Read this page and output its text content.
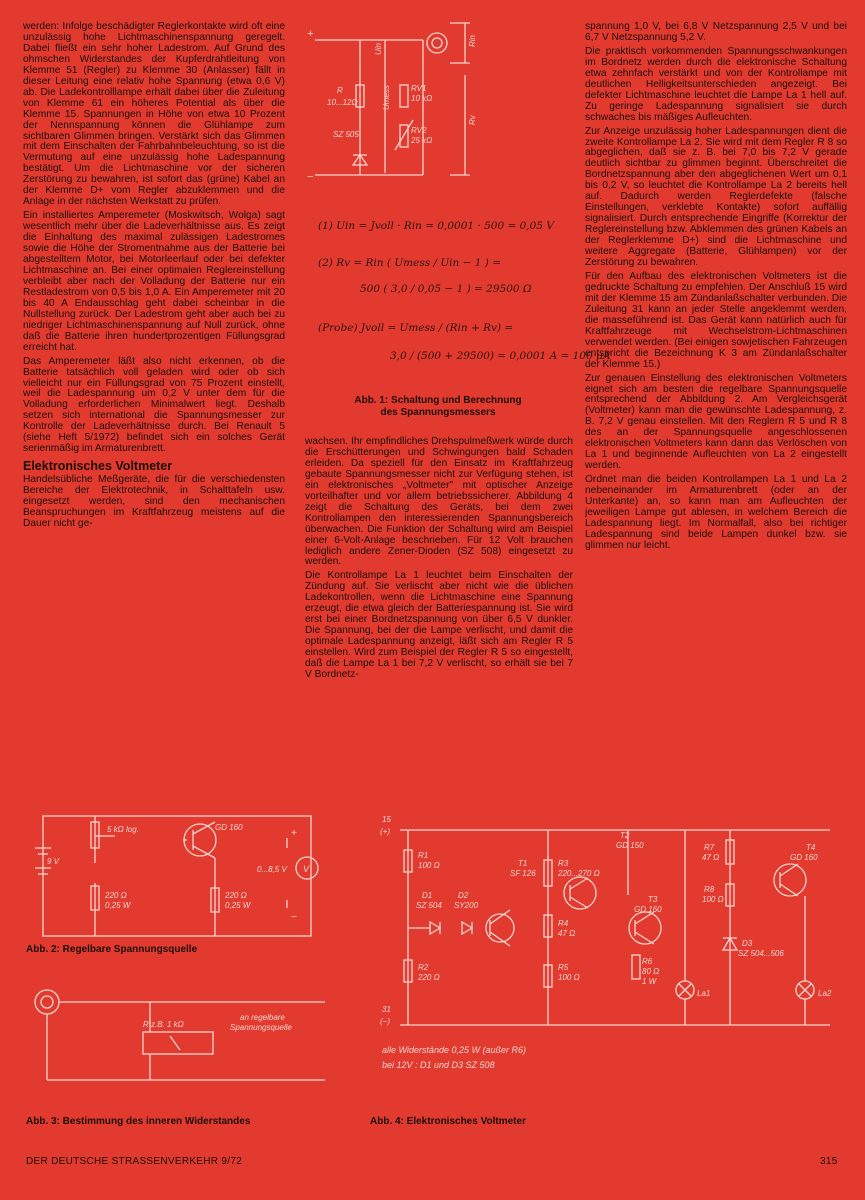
werden: Infolge beschädigter Reglerkontakte wird oft eine unzulässig hohe Lichtmaschinenspannung geregelt. Dabei fließt ein sehr hoher Ladestrom. Auf Grund des ohmschen Widerstandes der Kupferdrahtleitung von Klemme 51 (Regler) zu Klemme 30 (Anlasser) fällt in dieser Leitung eine relativ hohe Spannung (etwa 0,6 V) ab. Die Ladekontrolllampe erhält dabei über die Zuleitung von Klemme 61 ein höheres Potential als über die Klemme 15. Spannungen in Höhe von etwa 10 Prozent der Nennspannung können die Glühlampe zum sichtbaren Glimmen bringen. Verstärkt sich das Glimmen mit dem Einschalten der Fahrbahnbeleuchtung, so ist die Vermutung auf eine unzulässig hohe Ladespannung bestätigt. Um die Lichtmaschine vor der sicheren Zerstörung zu bewahren, ist sofort das (grüne) Kabel an der Klemme D+ vom Regler abzuklemmen und die Anlage in der nächsten Werkstatt zu prüfen.

Ein installiertes Amperemeter (Moskwitsch, Wolga) sagt wesentlich mehr über die Ladeverhältnisse aus. Es zeigt die Einhaltung des maximal zulässigen Ladestromes sowie die Höhe der Stromentnahme aus der Batterie bei abgestelltem Motor, bei Motorleerlauf oder bei defekter Lichtmaschine an. Bei einer optimalen Reglereinstellung verbleibt aber nach der Volladung der Batterie nur ein Restladestrom von 0,5 bis 1,0 A. Ein Amperemeter mit 20 bis 40 A Endausschlag geht dabei scheinbar in die Nullstellung zurück. Der Ladestrom geht aber auch bei zu niedriger Lichtmaschinenspannung auf Null zurück, ohne daß die Batterie ihren hundertprozentigen Füllungsgrad erreicht hat.

Das Amperemeter läßt also nicht erkennen, ob die Batterie tatsächlich voll geladen wird oder ob sich vielleicht nur ein Füllungsgrad von 75 Prozent einstellt, weil die Ladespannung um 0,2 V unter dem für die Volladung erforderlichen Minimalwert liegt. Deshalb setzen sich international die Spannungsmesser zur Kontrolle der Ladeverhältnisse durch. Bei Renault 5 (siehe Heft 5/1972) befindet sich ein solches Gerät serienmäßig im Armaturenbrett.

Elektronisches Voltmeter

Handelsübliche Meßgeräte, die für die verschiedensten Bereiche der Elektrotechnik, in Schalttafeln usw. eingesetzt werden, sind den mechanischen Beanspruchungen im Kraftfahrzeug meistens auf die Dauer nicht ge-

wachsen. Ihr empfindliches Drehspulmeßwerk würde durch die Erschütterungen und Schwingungen bald Schaden erleiden. Da speziell für den Einsatz im Kraftfahrzeug gebaute Spannungsmesser nicht zur Verfügung stehen, ist ein elektronisches „Voltmeter" mit optischer Anzeige vorteilhafter und vor allem betriebssicherer. Abbildung 4 zeigt die Schaltung des Geräts, bei dem zwei Kontrollampen den interessierenden Spannungsbereich überwachen. Die Funktion der Schaltung wird am Beispiel einer 6-Volt-Anlage beschrieben. Für 12 Volt brauchen lediglich andere Zener-Dioden (SZ 508) eingesetzt zu werden.

Die Kontrollampe La 1 leuchtet beim Einschalten der Zündung auf. Sie verlischt aber nicht wie die üblichen Ladekontrollen, wenn die Lichtmaschine eine Spannung erzeugt, die etwa gleich der Batteriespannung ist. Sie wird erst bei einer Bordnetzspannung von über 6,5 V dunkler. Die Spannung, bei der die Lampe verlischt, und damit die optimale Ladespannung anzeigt, läßt sich am Regler R 5 einstellen. Wird zum Beispiel der Regler R 5 so eingestellt, daß die Lampe La 1 bei 7,2 V verlischt, so erhält sie bei 7 V Bordnetz-

spannung 1,0 V, bei 6,8 V Netzspannung 2,5 V und bei 6,7 V Netzspannung 5,2 V.

Die praktisch vorkommenden Spannungsschwankungen im Bordnetz werden durch die elektronische Schaltung etwa zehnfach verstärkt und von der Kontrollampe mit deutlichen Helligkeitsunterschieden angezeigt. Bei defekter Lichtmaschine leuchtet die Lampe La 1 hell auf. Zu geringe Ladespannung signalisiert sie durch schwaches bis mäßiges Aufleuchten.

Zur Anzeige unzulässig hoher Ladespannungen dient die zweite Kontrollampe La 2. Sie wird mit dem Regler R 8 so abgeglichen, daß sie z. B. bei 7,0 bis 7,2 V gerade deutlich sichtbar zu glimmen beginnt. Überschreitet die Bordnetzspannung aber den abgeglichenen Wert um 0,1 bis 0,2 V, so leuchtet die Kontrollampe La 2 bereits hell auf. Dadurch werden Reglerdefekte (falsche Einstellungen, verklebte Kontakte) sofort auffällig signalisiert. Durch entsprechende Eingriffe (Korrektur der Reglereinstellung bzw. Abklemmen des grünen Kabels an der Reglerklemme D+) sind die Lichtmaschine und weitere Aggregate (Batterie, Glühlampen) vor der Zerstörung zu bewahren.

Für den Aufbau des elektronischen Voltmeters ist die gedruckte Schaltung zu empfehlen. Der Anschluß 15 wird mit der Klemme 15 am Zündanlaßschalter verbunden. Die Zuleitung 31 kann an jeder Stelle angeklemmt werden, die masseführend ist. Das Gerät kann natürlich auch für Kraftfahrzeuge mit Wechselstrom-Lichtmaschinen verwendet werden. (Bei einigen sowjetischen Fahrzeugen entspricht die Bezeichnung K 3 am Zündanlaßschalter der Klemme 15.)

Zur genauen Einstellung des elektronischen Voltmeters eignet sich am besten die regelbare Spannungsquelle entsprechend der Abbildung 2. Am Vergleichsgerät (Voltmeter) kann man die gewünschte Ladespannung, z. B. 7,2 V genau einstellen. Mit den Reglern R 5 und R 8 des an der Spannungsquelle angeschlossenen elektronischen Voltmeters kann dann das Verlöschen von La 1 und beginnende Aufleuchten von La 2 eingestellt werden.

Ordnet man die beiden Kontrollampen La 1 und La 2 nebeneinander im Armaturenbrett (oder an der Unterkante) an, so kann man am Aufleuchten der jeweiligen Lampe gut ablesen, in welchem Bereich die Ladespannung liegt. Im Normalfall, also bei richtiger Ladespannung sind beide Lampen dunkel bzw. sie glimmen nur leicht.

+
−
R
10...12Ω
SZ 505
RV1
10 kΩ
RV2
25 kΩ
Umess
Uin
Rin
Rv
(1) Uin = Jvoll · Rin = 0,0001 · 500 = 0,05 V
(2) Rv = Rin ( Umess / Uin − 1 ) =
500 ( 3,0 / 0,05 − 1 ) = 29500 Ω
(Probe) Jvoll = Umess / (Rin + Rv) =
3,0 / (500 + 29500) = 0,0001 A = 100 µA
Abb. 1: Schaltung und Berechnung
des Spannungsmessers
5 kΩ log.	GD 160
9 V
220 Ω
0,25 W
220 Ω
0,25 W
0...8,5 V V
+
−
Abb. 2: Regelbare Spannungsquelle
R z.B. 1 kΩ
an regelbare
Spannungsquelle
Abb. 3: Bestimmung des inneren Widerstandes
15
(+)
31
(−)
R1
100 Ω
D1
SZ 504
D2
SY200
R2
220 Ω
T1
SF 126
R3
220...270 Ω
R4
47 Ω
R5
100 Ω
T2
GD 150
T3
GD 160
R6
80 Ω
1 W
La1
R7
47 Ω
R8
100 Ω
D3
SZ 504...506
T4
GD 160
La2
alle Widerstände 0,25 W (außer R6)
bei 12V : D1 und D3 SZ 508
Abb. 4: Elektronisches Voltmeter
DER DEUTSCHE STRASSENVERKEHR 9/72	315
